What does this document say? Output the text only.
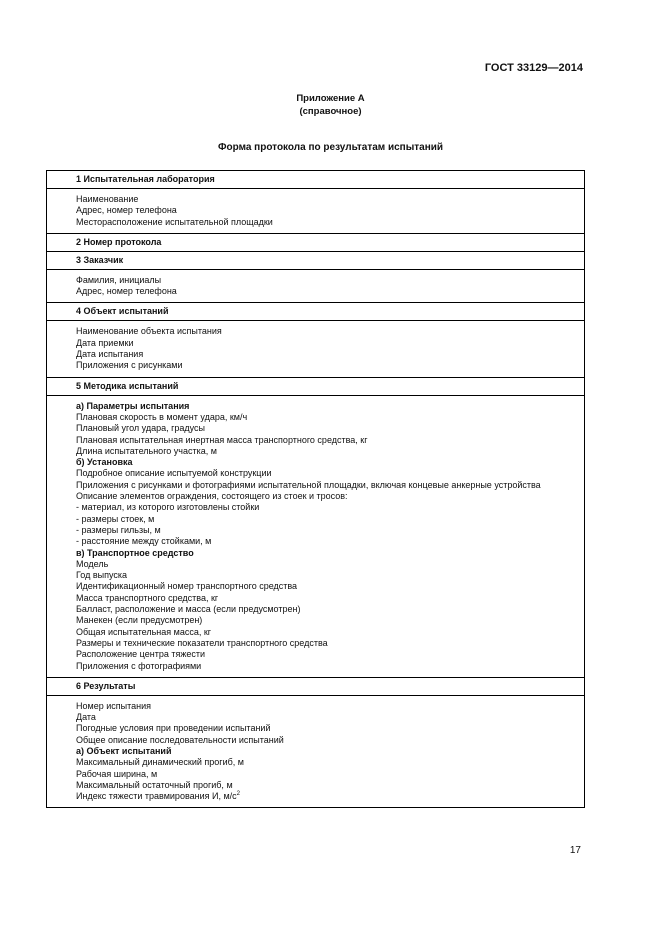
ГОСТ 33129—2014
Приложение А
(справочное)
Форма протокола по результатам испытаний
1 Испытательная лаборатория
Наименование
Адрес, номер телефона
Месторасположение испытательной площадки
2 Номер протокола
3 Заказчик
Фамилия, инициалы
Адрес, номер телефона
4 Объект испытаний
Наименование объекта испытания
Дата приемки
Дата испытания
Приложения с рисунками
5 Методика испытаний
а) Параметры испытания
Плановая скорость в момент удара, км/ч
Плановый угол удара, градусы
Плановая испытательная инертная масса транспортного средства, кг
Длина испытательного участка, м
б) Установка
Подробное описание испытуемой конструкции
Приложения с рисунками и фотографиями испытательной площадки, включая концевые анкерные устройства
Описание элементов ограждения, состоящего из стоек и тросов:
- материал, из которого изготовлены стойки
- размеры стоек, м
- размеры гильзы, м
- расстояние между стойками, м
в) Транспортное средство
Модель
Год выпуска
Идентификационный номер транспортного средства
Масса транспортного средства, кг
Балласт, расположение и масса (если предусмотрен)
Манекен (если предусмотрен)
Общая испытательная масса, кг
Размеры и технические показатели транспортного средства
Расположение центра тяжести
Приложения с фотографиями
6 Результаты
Номер испытания
Дата
Погодные условия при проведении испытаний
Общее описание последовательности испытаний
а) Объект испытаний
Максимальный динамический прогиб, м
Рабочая ширина, м
Максимальный остаточный прогиб, м
Индекс тяжести травмирования И, $м/с^2$
17
